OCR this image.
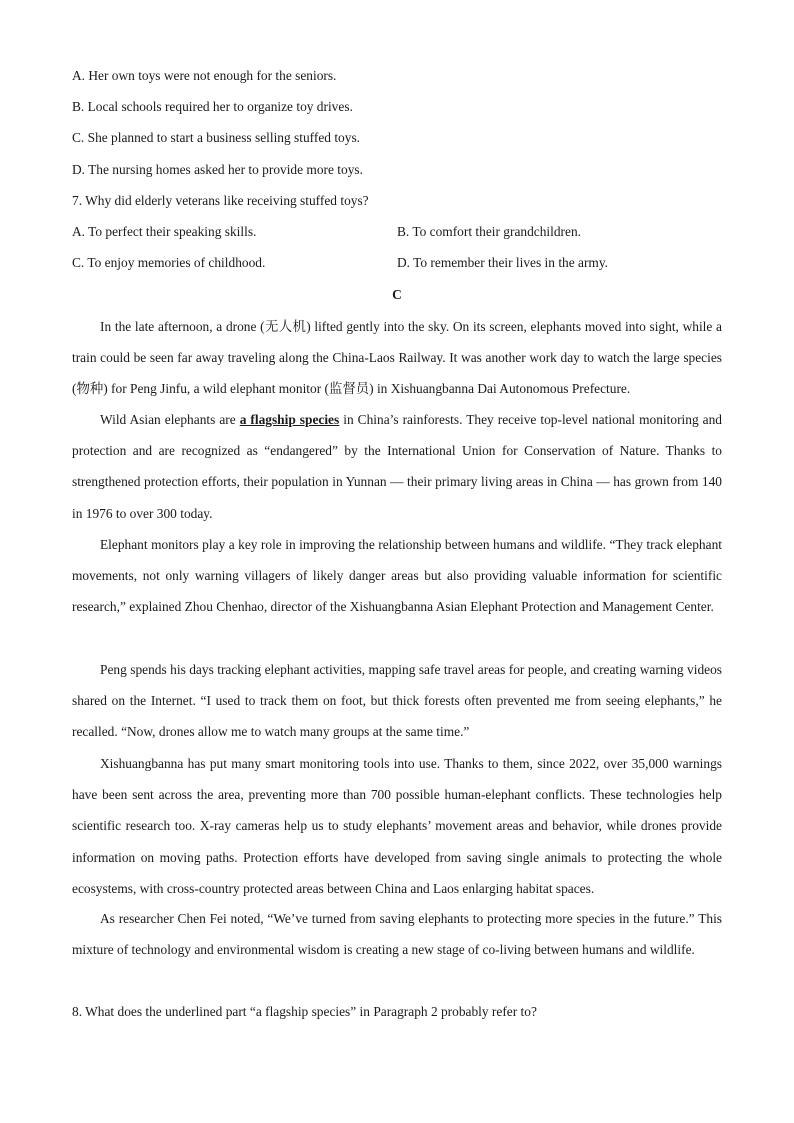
A. Her own toys were not enough for the seniors.
B. Local schools required her to organize toy drives.
C. She planned to start a business selling stuffed toys.
D. The nursing homes asked her to provide more toys.
7. Why did elderly veterans like receiving stuffed toys?
A. To perfect their speaking skills.	B. To comfort their grandchildren.
C. To enjoy memories of childhood.	D. To remember their lives in the army.
C

In the late afternoon, a drone (无人机) lifted gently into the sky. On its screen, elephants moved into sight, while a train could be seen far away traveling along the China-Laos Railway. It was another work day to watch the large species (物种) for Peng Jinfu, a wild elephant monitor (监督员) in Xishuangbanna Dai Autonomous Prefecture.

Wild Asian elephants are a flagship species in China’s rainforests. They receive top-level national monitoring and protection and are recognized as “endangered” by the International Union for Conservation of Nature. Thanks to strengthened protection efforts, their population in Yunnan — their primary living areas in China — has grown from 140 in 1976 to over 300 today.

Elephant monitors play a key role in improving the relationship between humans and wildlife. “They track elephant movements, not only warning villagers of likely danger areas but also providing valuable information for scientific research,” explained Zhou Chenhao, director of the Xishuangbanna Asian Elephant Protection and Management Center.

Peng spends his days tracking elephant activities, mapping safe travel areas for people, and creating warning videos shared on the Internet. “I used to track them on foot, but thick forests often prevented me from seeing elephants,” he recalled. “Now, drones allow me to watch many groups at the same time.”

Xishuangbanna has put many smart monitoring tools into use. Thanks to them, since 2022, over 35,000 warnings have been sent across the area, preventing more than 700 possible human-elephant conflicts. These technologies help scientific research too. X-ray cameras help us to study elephants’ movement areas and behavior, while drones provide information on moving paths. Protection efforts have developed from saving single animals to protecting the whole ecosystems, with cross-country protected areas between China and Laos enlarging habitat spaces.

As researcher Chen Fei noted, “We’ve turned from saving elephants to protecting more species in the future.” This mixture of technology and environmental wisdom is creating a new stage of co-living between humans and wildlife.

8. What does the underlined part “a flagship species” in Paragraph 2 probably refer to?
